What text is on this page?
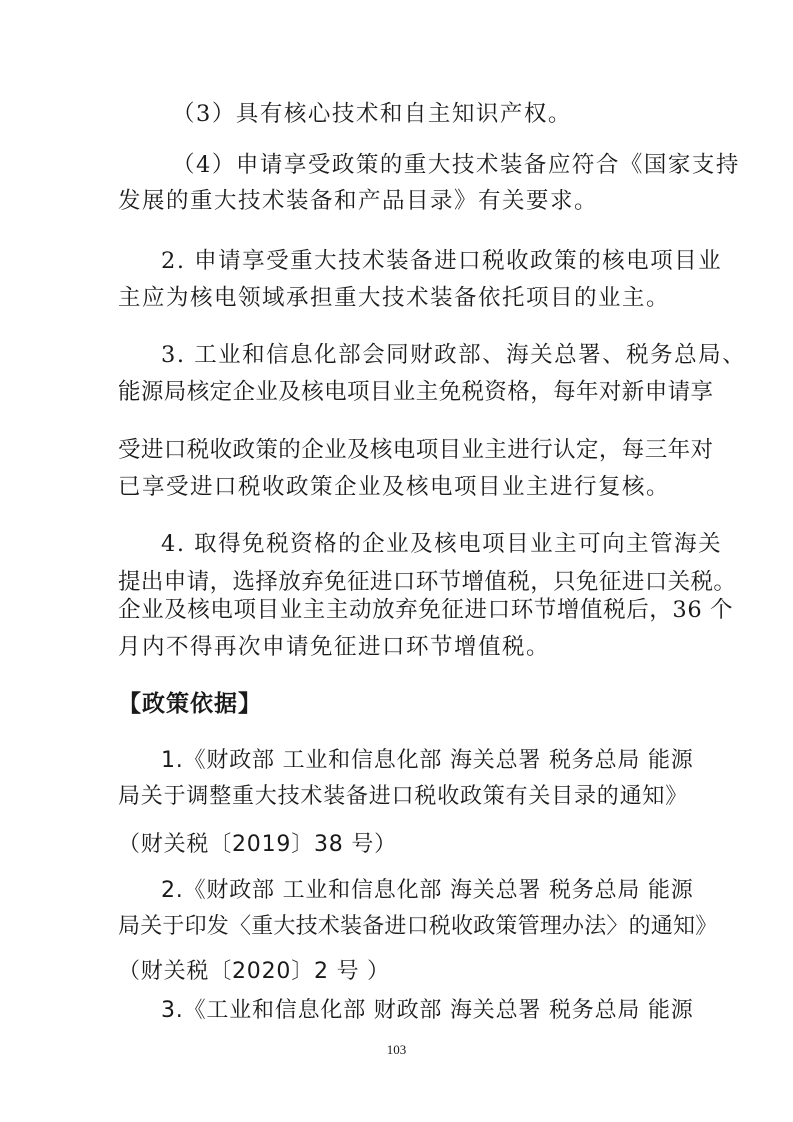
（3）具有核心技术和自主知识产权。
（4）申请享受政策的重大技术装备应符合《国家支持
发展的重大技术装备和产品目录》有关要求。
2. 申请享受重大技术装备进口税收政策的核电项目业
主应为核电领域承担重大技术装备依托项目的业主。
3. 工业和信息化部会同财政部、海关总署、税务总局、
能源局核定企业及核电项目业主免税资格，每年对新申请享
受进口税收政策的企业及核电项目业主进行认定，每三年对
已享受进口税收政策企业及核电项目业主进行复核。
4. 取得免税资格的企业及核电项目业主可向主管海关
提出申请，选择放弃免征进口环节增值税，只免征进口关税。
企业及核电项目业主主动放弃免征进口环节增值税后，36 个
月内不得再次申请免征进口环节增值税。
【政策依据】
1.《财政部 工业和信息化部 海关总署 税务总局 能源
局关于调整重大技术装备进口税收政策有关目录的通知》
（财关税〔2019〕38 号）
2.《财政部 工业和信息化部 海关总署 税务总局 能源
局关于印发〈重大技术装备进口税收政策管理办法〉的通知》
（财关税〔2020〕2 号 ）
3.《工业和信息化部 财政部 海关总署 税务总局 能源
103
